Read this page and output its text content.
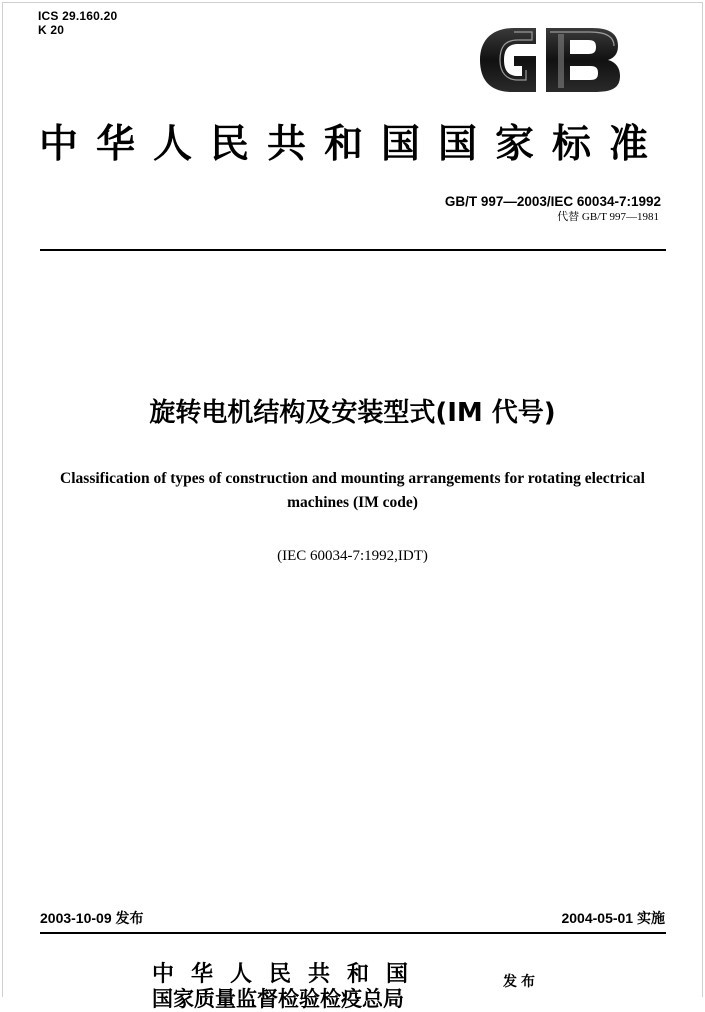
ICS 29.160.20
K 20
中华人民共和国国家标准
GB/T 997—2003/IEC 60034-7:1992
代替 GB/T 997—1981
旋转电机结构及安装型式(IM 代号)
Classification of types of construction and mounting arrangements for rotating electrical machines (IM code)
(IEC 60034-7:1992,IDT)
2003-10-09 发布	2004-05-01 实施
中华人民共和国
国家质量监督检验检疫总局
发布
